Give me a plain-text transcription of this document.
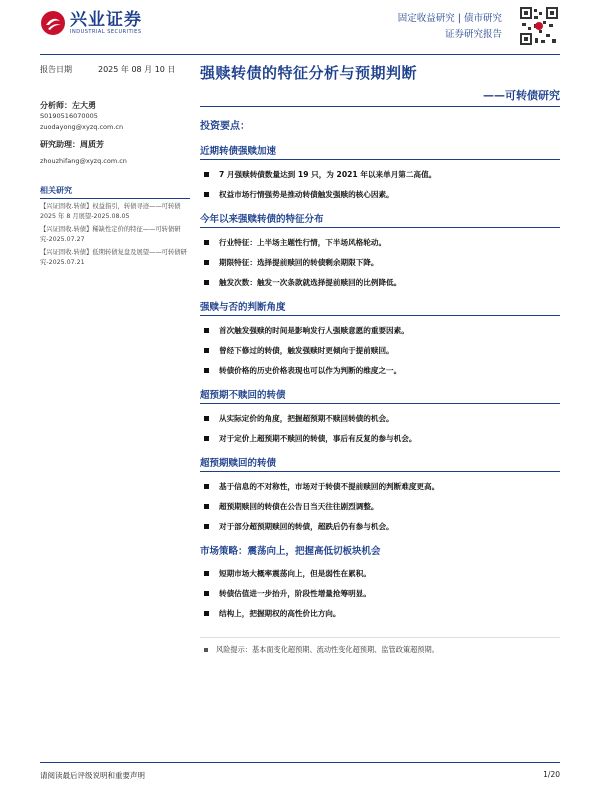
兴业证券
INDUSTRIAL SECURITIES
固定收益研究 | 债市研究
证券研究报告
报告日期	2025 年 08 月 10 日
分析师：左大勇
S0190516070005
zuodayong@xyzq.com.cn
研究助理：周质芳
zhouzhifang@xyzq.com.cn
相关研究
【兴证固收.转债】权益指引，转债寻迹——可转债 2025 年 8 月展望-2025.08.05
【兴证固收.转债】稀缺性定价的特征——可转债研究-2025.07.27
【兴证固收.转债】低期转债复盘及展望——可转债研究-2025.07.21
强赎转债的特征分析与预期判断
——可转债研究
投资要点：
近期转债强赎加速
7 月强赎转债数量达到 19 只，为 2021 年以来单月第二高值。
权益市场行情强势是推动转债触发强赎的核心因素。
今年以来强赎转债的特征分布
行业特征：上半场主题性行情，下半场风格轮动。
期限特征：选择提前赎回的转债剩余期限下降。
触发次数：触发一次条款就选择提前赎回的比例降低。
强赎与否的判断角度
首次触发强赎的时间是影响发行人强赎意愿的重要因素。
曾经下修过的转债，触发强赎时更倾向于提前赎回。
转债价格的历史价格表现也可以作为判断的维度之一。
超预期不赎回的转债
从实际定价的角度，把握超预期不赎回转债的机会。
对于定价上超预期不赎回的转债，事后有反复的参与机会。
超预期赎回的转债
基于信息的不对称性，市场对于转债不提前赎回的判断难度更高。
超预期赎回的转债在公告日当天往往剧烈调整。
对于部分超预期赎回的转债，超跌后仍有参与机会。
市场策略：震荡向上，把握高低切板块机会
短期市场大概率震荡向上，但是弱性在累积。
转债估值进一步抬升，阶段性增量抢筹明显。
结构上，把握期权的高性价比方向。
风险提示：基本面变化超预期、流动性变化超预期、监管政策超预期。
请阅读最后评级说明和重要声明	1/20
